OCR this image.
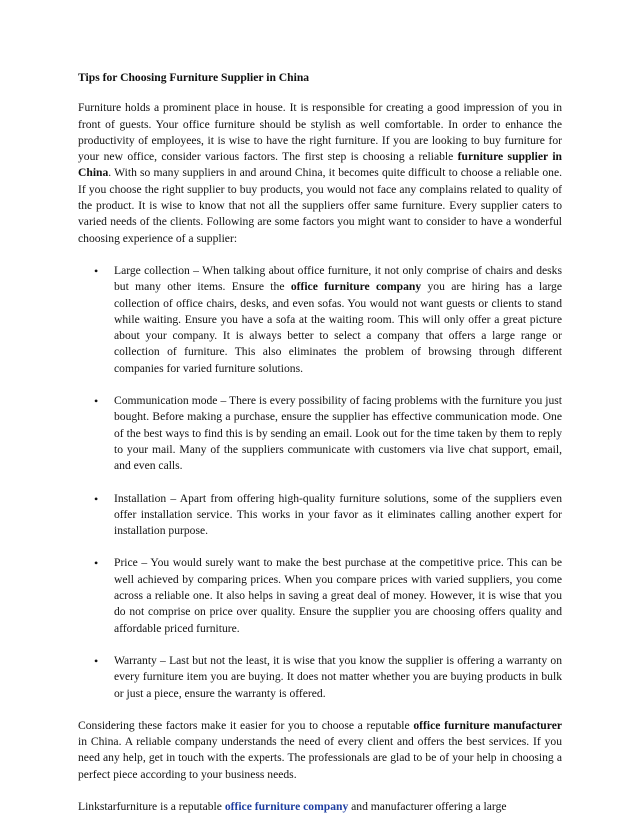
Tips for Choosing Furniture Supplier in China

Furniture holds a prominent place in house. It is responsible for creating a good impression of you in front of guests. Your office furniture should be stylish as well comfortable. In order to enhance the productivity of employees, it is wise to have the right furniture. If you are looking to buy furniture for your new office, consider various factors. The first step is choosing a reliable furniture supplier in China. With so many suppliers in and around China, it becomes quite difficult to choose a reliable one. If you choose the right supplier to buy products, you would not face any complains related to quality of the product. It is wise to know that not all the suppliers offer same furniture. Every supplier caters to varied needs of the clients. Following are some factors you might want to consider to have a wonderful choosing experience of a supplier:

• Large collection – When talking about office furniture, it not only comprise of chairs and desks but many other items. Ensure the office furniture company you are hiring has a large collection of office chairs, desks, and even sofas. You would not want guests or clients to stand while waiting. Ensure you have a sofa at the waiting room. This will only offer a great picture about your company. It is always better to select a company that offers a large range or collection of furniture. This also eliminates the problem of browsing through different companies for varied furniture solutions.
• Communication mode – There is every possibility of facing problems with the furniture you just bought. Before making a purchase, ensure the supplier has effective communication mode. One of the best ways to find this is by sending an email. Look out for the time taken by them to reply to your mail. Many of the suppliers communicate with customers via live chat support, email, and even calls.
• Installation – Apart from offering high-quality furniture solutions, some of the suppliers even offer installation service. This works in your favor as it eliminates calling another expert for installation purpose.
• Price – You would surely want to make the best purchase at the competitive price. This can be well achieved by comparing prices. When you compare prices with varied suppliers, you come across a reliable one. It also helps in saving a great deal of money. However, it is wise that you do not comprise on price over quality. Ensure the supplier you are choosing offers quality and affordable priced furniture.
• Warranty – Last but not the least, it is wise that you know the supplier is offering a warranty on every furniture item you are buying. It does not matter whether you are buying products in bulk or just a piece, ensure the warranty is offered.

Considering these factors make it easier for you to choose a reputable office furniture manufacturer in China. A reliable company understands the need of every client and offers the best services. If you need any help, get in touch with the experts. The professionals are glad to be of your help in choosing a perfect piece according to your business needs.

Linkstarfurniture is a reputable office furniture company and manufacturer offering a large
